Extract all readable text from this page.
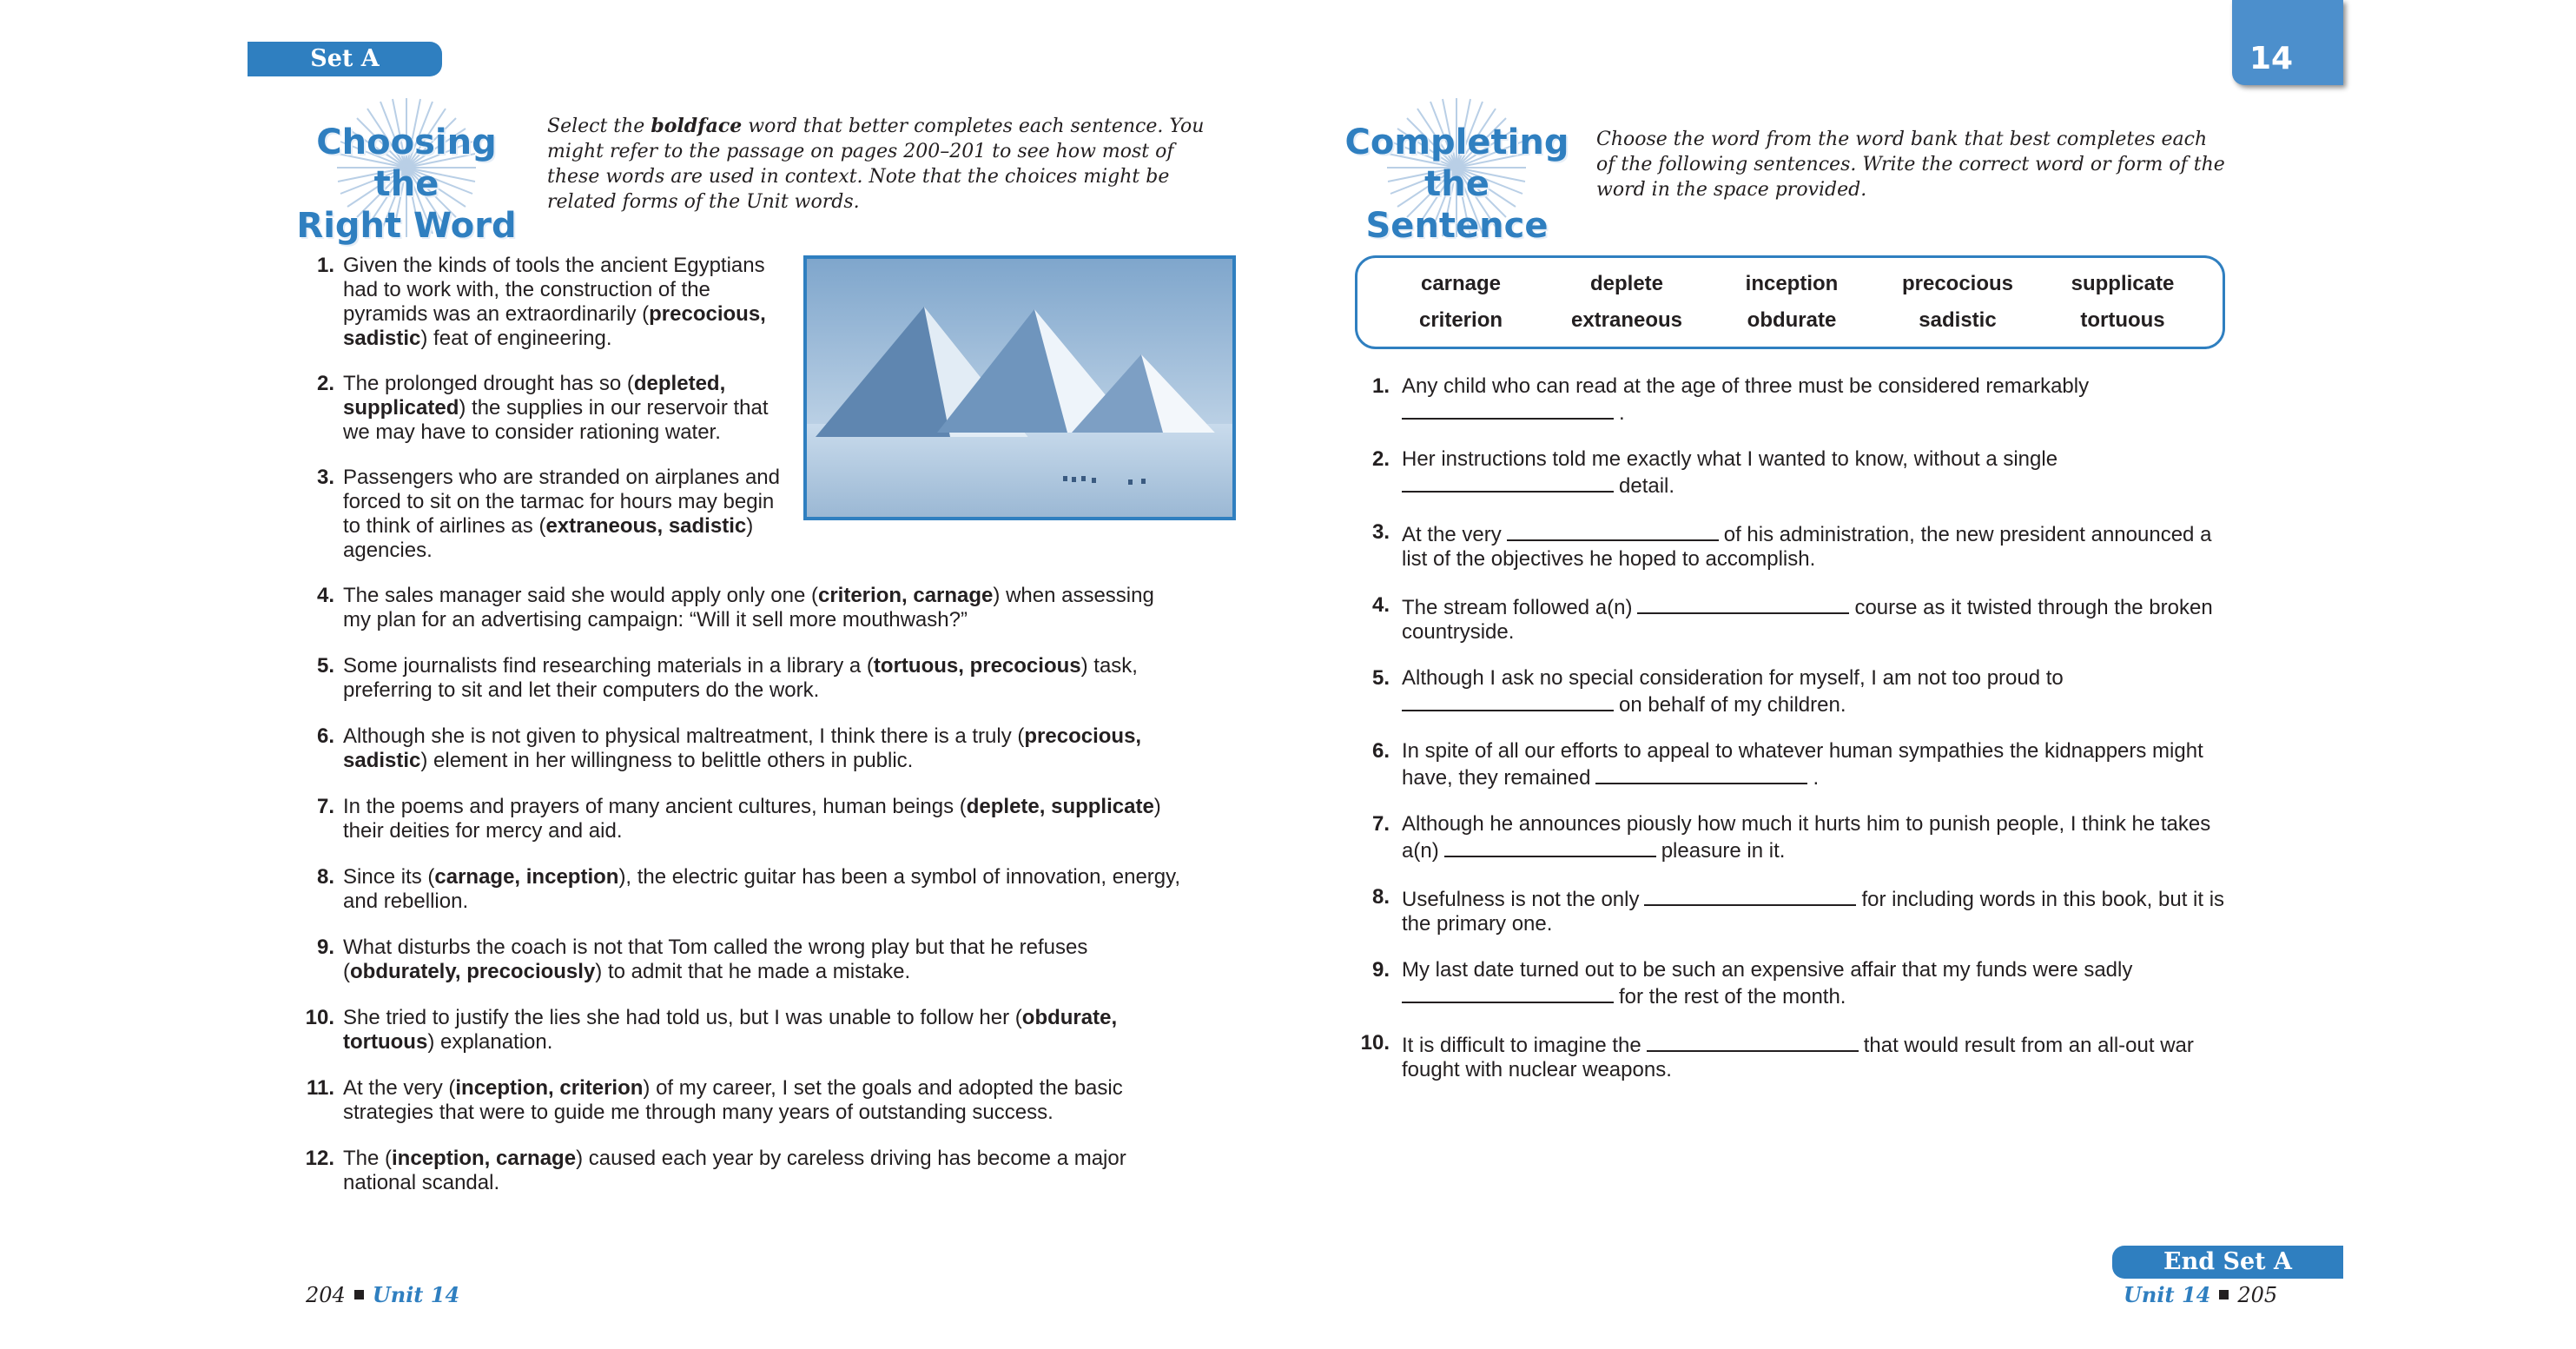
Set A	14
Choosing the
Right Word
Select the boldface word that better completes each sentence. You might refer to the passage on pages 200–201 to see how most of these words are used in context. Note that the choices might be related forms of the Unit words.
1. Given the kinds of tools the ancient Egyptians had to work with, the construction of the pyramids was an extraordinarily (precocious, sadistic) feat of engineering.
2. The prolonged drought has so (depleted, supplicated) the supplies in our reservoir that we may have to consider rationing water.
3. Passengers who are stranded on airplanes and forced to sit on the tarmac for hours may begin to think of airlines as (extraneous, sadistic) agencies.
4. The sales manager said she would apply only one (criterion, carnage) when assessing my plan for an advertising campaign: “Will it sell more mouthwash?”
5. Some journalists find researching materials in a library a (tortuous, precocious) task, preferring to sit and let their computers do the work.
6. Although she is not given to physical maltreatment, I think there is a truly (precocious, sadistic) element in her willingness to belittle others in public.
7. In the poems and prayers of many ancient cultures, human beings (deplete, supplicate) their deities for mercy and aid.
8. Since its (carnage, inception), the electric guitar has been a symbol of innovation, energy, and rebellion.
9. What disturbs the coach is not that Tom called the wrong play but that he refuses (obdurately, precociously) to admit that he made a mistake.
10. She tried to justify the lies she had told us, but I was unable to follow her (obdurate, tortuous) explanation.
11. At the very (inception, criterion) of my career, I set the goals and adopted the basic strategies that were to guide me through many years of outstanding success.
12. The (inception, carnage) caused each year by careless driving has become a major national scandal.
204 Unit 14
Completing
the Sentence
Choose the word from the word bank that best completes each of the following sentences. Write the correct word or form of the word in the space provided.
carnage	deplete	inception	precocious	supplicate
criterion	extraneous	obdurate	sadistic	tortuous
1. Any child who can read at the age of three must be considered remarkably
.
2. Her instructions told me exactly what I wanted to know, without a single
detail.
3. At the very	of his administration, the new president announced a
list of the objectives he hoped to accomplish.
4. The stream followed a(n)	course as it twisted through the broken
countryside.
5. Although I ask no special consideration for myself, I am not too proud to
on behalf of my children.
6. In spite of all our efforts to appeal to whatever human sympathies the kidnappers might
have, they remained	.
7. Although he announces piously how much it hurts him to punish people, I think he takes
a(n)	pleasure in it.
8. Usefulness is not the only	for including words in this book, but it is
the primary one.
9. My last date turned out to be such an expensive affair that my funds were sadly
for the rest of the month.
10. It is difficult to imagine the	that would result from an all-out war
fought with nuclear weapons.
End Set A
Unit 14 205
